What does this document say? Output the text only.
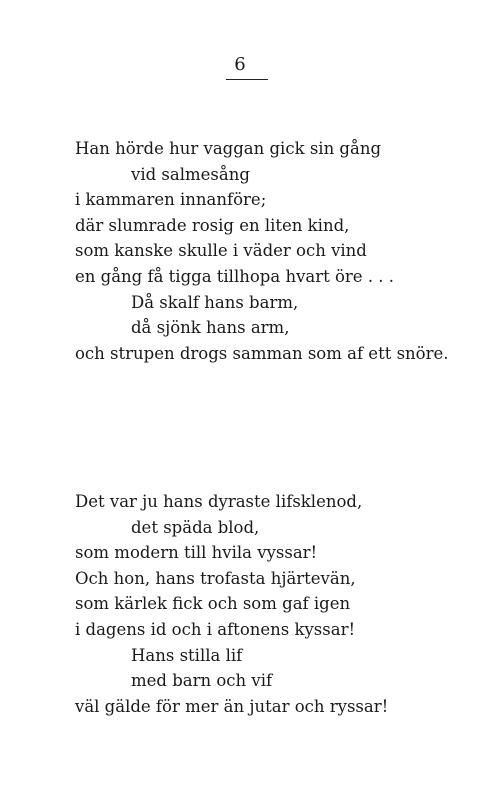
6
Han hörde hur vaggan gick sin gång
vid salmesång
i kammaren innanföre;
där slumrade rosig en liten kind,
som kanske skulle i väder och vind
en gång få tigga tillhopa hvart öre . . .
Då skalf hans barm,
då sjönk hans arm,
och strupen drogs samman som af ett snöre.
Det var ju hans dyraste lifsklenod,
det späda blod,
som modern till hvila vyssar!
Och hon, hans trofasta hjärtevän,
som kärlek fick och som gaf igen
i dagens id och i aftonens kyssar!
Hans stilla lif
med barn och vif
väl gälde för mer än jutar och ryssar!
